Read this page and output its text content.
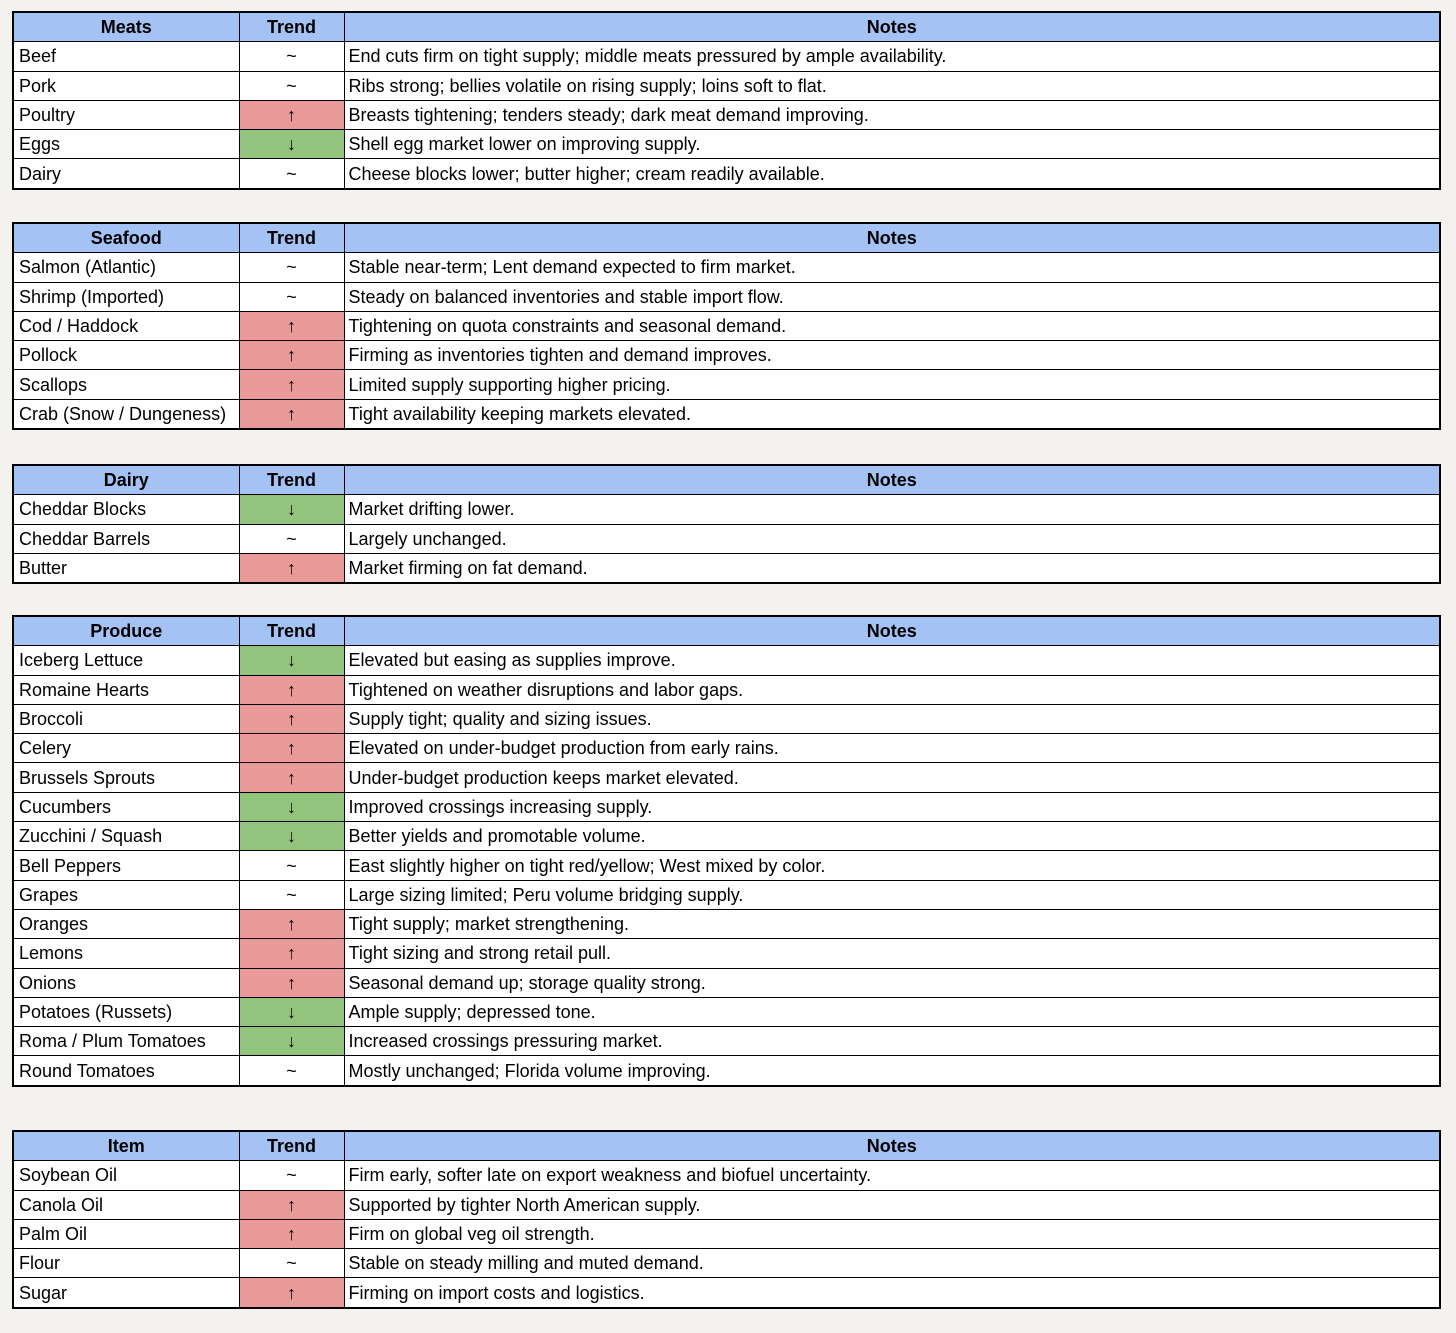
Meats	Trend	Notes
Beef	~	End cuts firm on tight supply; middle meats pressured by ample availability.
Pork	~	Ribs strong; bellies volatile on rising supply; loins soft to flat.
Poultry	↑	Breasts tightening; tenders steady; dark meat demand improving.
Eggs	↓	Shell egg market lower on improving supply.
Dairy	~	Cheese blocks lower; butter higher; cream readily available.
Seafood	Trend	Notes
Salmon (Atlantic)	~	Stable near-term; Lent demand expected to firm market.
Shrimp (Imported)	~	Steady on balanced inventories and stable import flow.
Cod / Haddock	↑	Tightening on quota constraints and seasonal demand.
Pollock	↑	Firming as inventories tighten and demand improves.
Scallops	↑	Limited supply supporting higher pricing.
Crab (Snow / Dungeness)	↑	Tight availability keeping markets elevated.
Dairy	Trend	Notes
Cheddar Blocks	↓	Market drifting lower.
Cheddar Barrels	~	Largely unchanged.
Butter	↑	Market firming on fat demand.
Produce	Trend	Notes
Iceberg Lettuce	↓	Elevated but easing as supplies improve.
Romaine Hearts	↑	Tightened on weather disruptions and labor gaps.
Broccoli	↑	Supply tight; quality and sizing issues.
Celery	↑	Elevated on under-budget production from early rains.
Brussels Sprouts	↑	Under-budget production keeps market elevated.
Cucumbers	↓	Improved crossings increasing supply.
Zucchini / Squash	↓	Better yields and promotable volume.
Bell Peppers	~	East slightly higher on tight red/yellow; West mixed by color.
Grapes	~	Large sizing limited; Peru volume bridging supply.
Oranges	↑	Tight supply; market strengthening.
Lemons	↑	Tight sizing and strong retail pull.
Onions	↑	Seasonal demand up; storage quality strong.
Potatoes (Russets)	↓	Ample supply; depressed tone.
Roma / Plum Tomatoes	↓	Increased crossings pressuring market.
Round Tomatoes	~	Mostly unchanged; Florida volume improving.
Item	Trend	Notes
Soybean Oil	~	Firm early, softer late on export weakness and biofuel uncertainty.
Canola Oil	↑	Supported by tighter North American supply.
Palm Oil	↑	Firm on global veg oil strength.
Flour	~	Stable on steady milling and muted demand.
Sugar	↑	Firming on import costs and logistics.
